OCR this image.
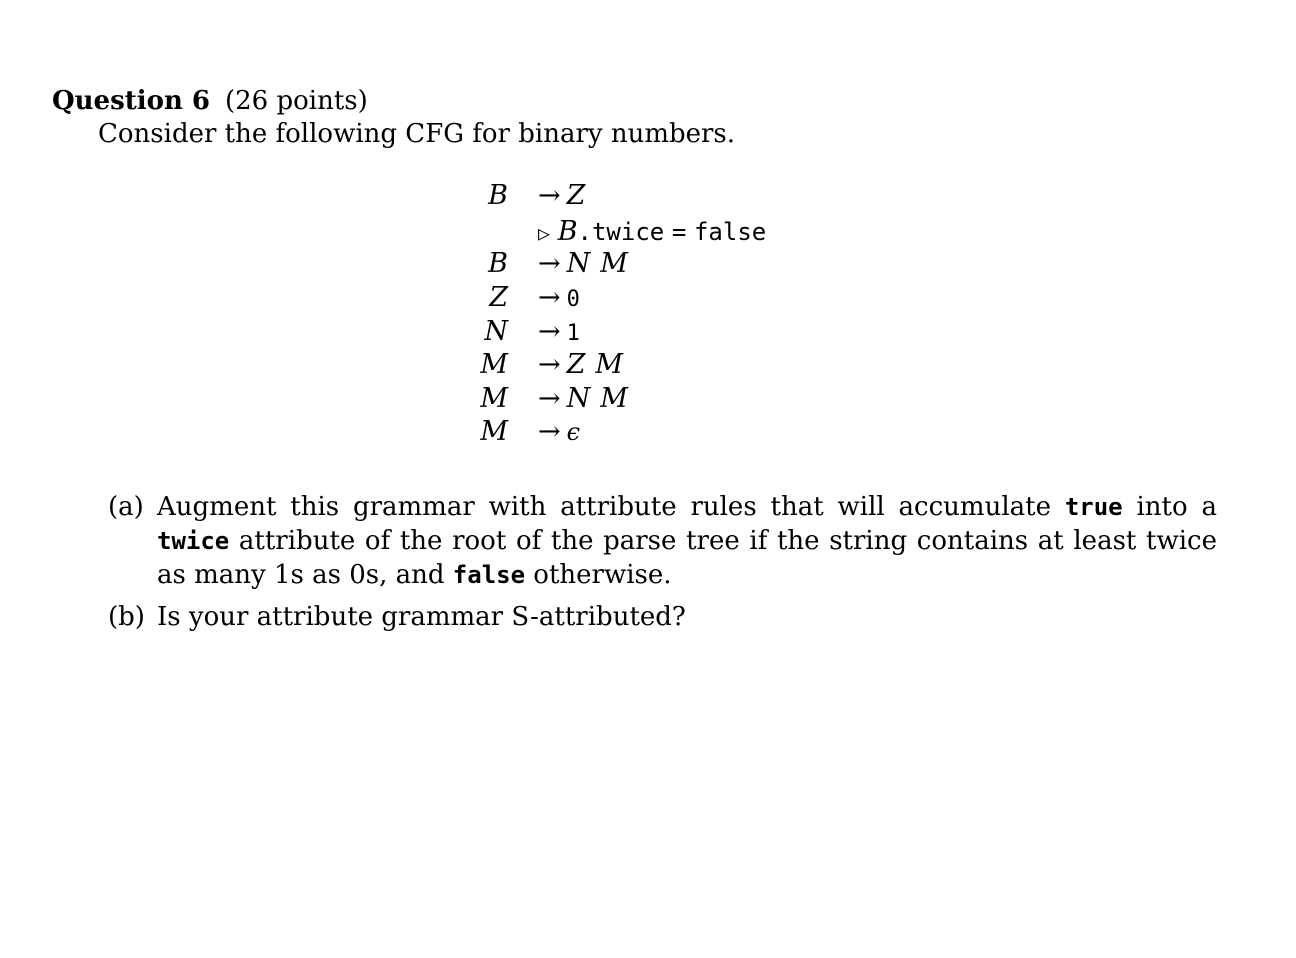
Question 6 (26 points)
Consider the following CFG for binary numbers.
B → Z
▷ B.twice = false
B → N M
Z → 0
N → 1
M → Z M
M → N M
M → ϵ
(a) Augment this grammar with attribute rules that will accumulate true into a twice attribute of the root of the parse tree if the string contains at least twice as many 1s as 0s, and false otherwise.
(b) Is your attribute grammar S-attributed?
